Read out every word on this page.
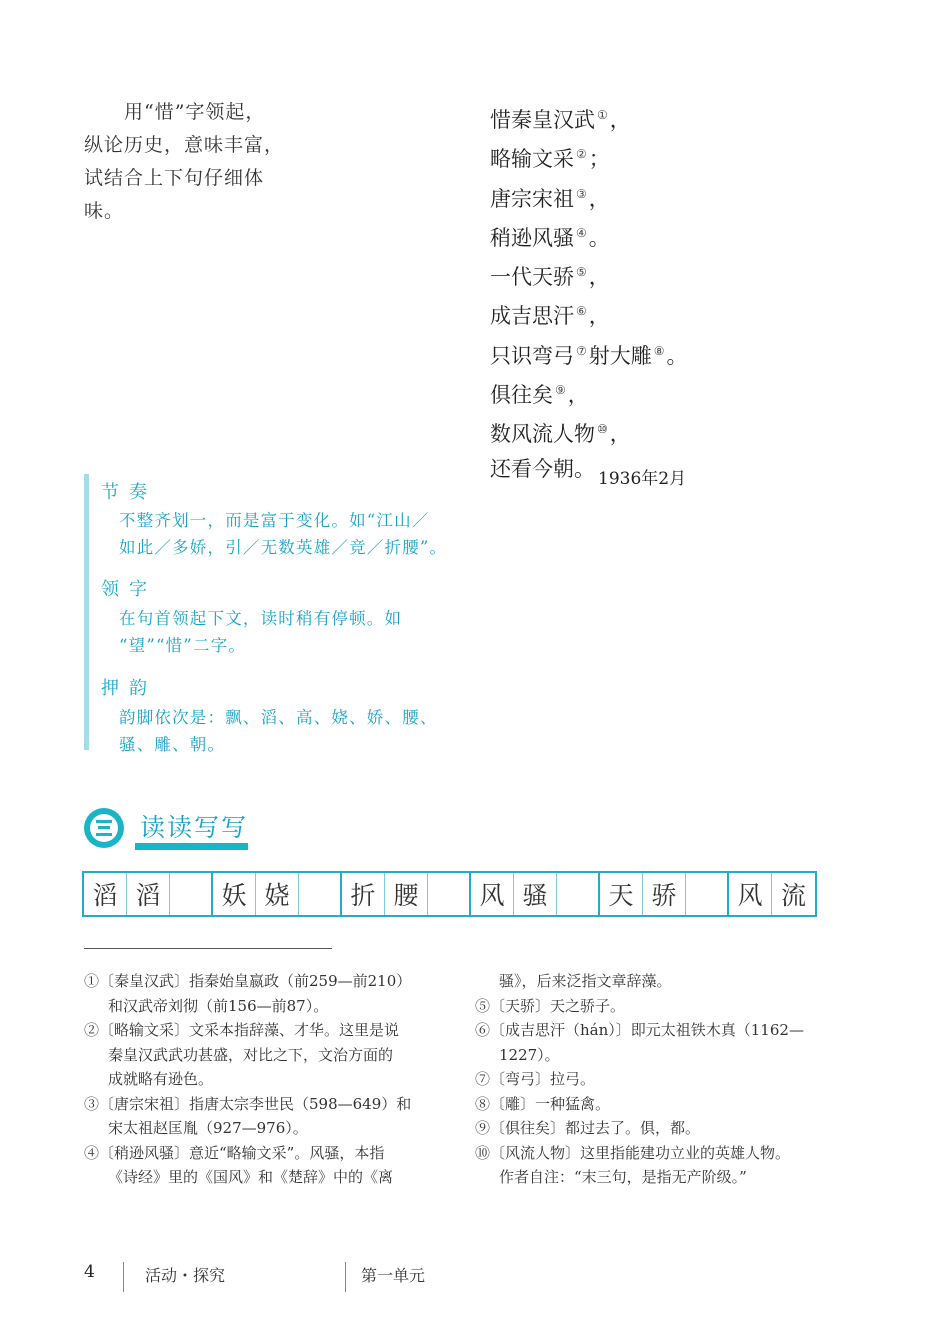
　　用“惜”字领起，
纵论历史，意味丰富，
试结合上下句仔细体
味。
惜秦皇汉武 ①，
略输文采 ②；
唐宗宋祖 ③，
稍逊风骚 ④。
一代天骄 ⑤，
成吉思汗 ⑥，
只识弯弓 ⑦射大雕 ⑧。
俱往矣 ⑨，
数风流人物 ⑩，
还看今朝。 1936年2月
节奏
不整齐划一，而是富于变化。如“江山／
如此／多娇，引／无数英雄／竞／折腰”。
领字
在句首领起下文，读时稍有停顿。如
“望”“惜”二字。
押韵
韵脚依次是：飘、滔、高、娆、娇、腰、
骚、雕、朝。
读读写写
滔 滔	妖 娆	折 腰	风 骚	天 骄	风 流
①〔秦皇汉武〕指秦始皇嬴政（前259—前210）
和汉武帝刘彻（前156—前87）。
②〔略输文采〕文采本指辞藻、才华。这里是说
秦皇汉武武功甚盛，对比之下，文治方面的
成就略有逊色。
③〔唐宗宋祖〕指唐太宗李世民（598—649）和
宋太祖赵匡胤（927—976）。
④〔稍逊风骚〕意近“略输文采”。风骚，本指
《诗经》里的《国风》和《楚辞》中的《离
骚》，后来泛指文章辞藻。
⑤〔天骄〕天之骄子。
⑥〔成吉思汗（hán）〕即元太祖铁木真（1162—
1227）。
⑦〔弯弓〕拉弓。
⑧〔雕〕一种猛禽。
⑨〔俱往矣〕都过去了。俱，都。
⑩〔风流人物〕这里指能建功立业的英雄人物。
作者自注：“末三句，是指无产阶级。”
4	活动・探究	第一单元
